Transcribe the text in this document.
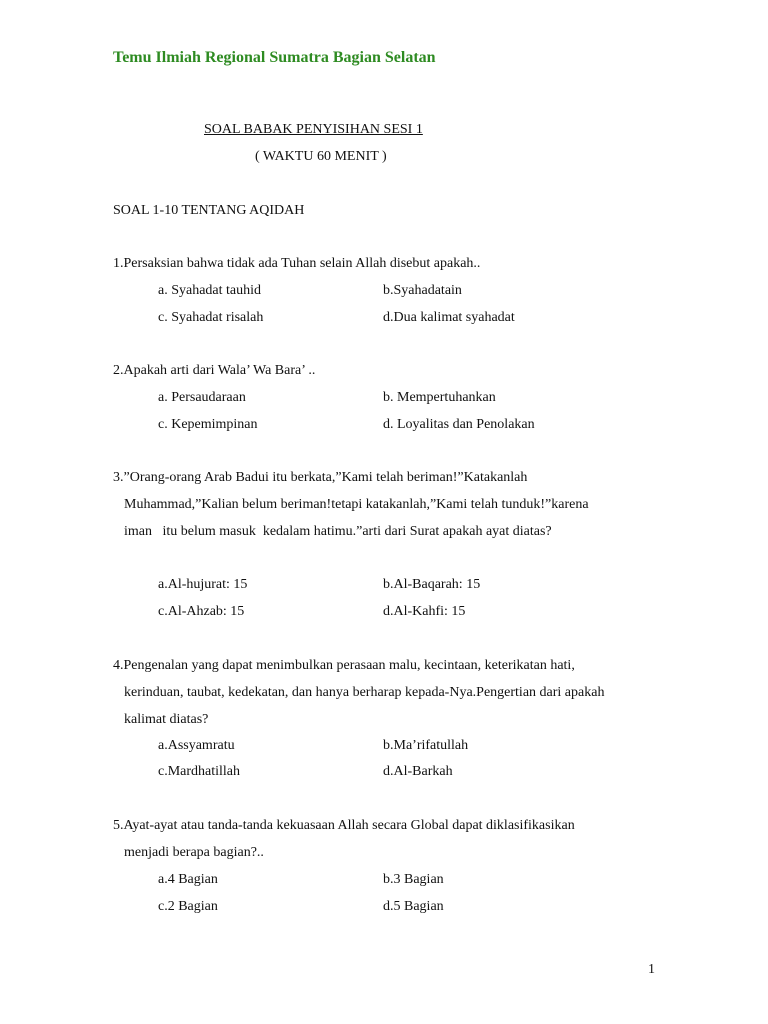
Temu Ilmiah Regional Sumatra Bagian Selatan
SOAL BABAK PENYISIHAN SESI 1
( WAKTU 60 MENIT )
SOAL 1-10 TENTANG AQIDAH
1.Persaksian bahwa tidak ada Tuhan selain Allah disebut apakah..
a. Syahadat tauhid	b.Syahadatain
c. Syahadat risalah	d.Dua kalimat syahadat
2.Apakah arti dari Wala’ Wa Bara’ ..
a. Persaudaraan	b. Mempertuhankan
c. Kepemimpinan	d. Loyalitas dan Penolakan
3.”Orang-orang Arab Badui itu berkata,”Kami telah beriman!”Katakanlah
Muhammad,”Kalian belum beriman!tetapi katakanlah,”Kami telah tunduk!”karena
iman   itu belum masuk  kedalam hatimu.”arti dari Surat apakah ayat diatas?
a.Al-hujurat: 15	b.Al-Baqarah: 15
c.Al-Ahzab: 15	d.Al-Kahfi: 15
4.Pengenalan yang dapat menimbulkan perasaan malu, kecintaan, keterikatan hati,
kerinduan, taubat, kedekatan, dan hanya berharap kepada-Nya.Pengertian dari apakah
kalimat diatas?
a.Assyamratu	b.Ma’rifatullah
c.Mardhatillah	d.Al-Barkah
5.Ayat-ayat atau tanda-tanda kekuasaan Allah secara Global dapat diklasifikasikan
menjadi berapa bagian?..
a.4 Bagian	b.3 Bagian
c.2 Bagian	d.5 Bagian
1
